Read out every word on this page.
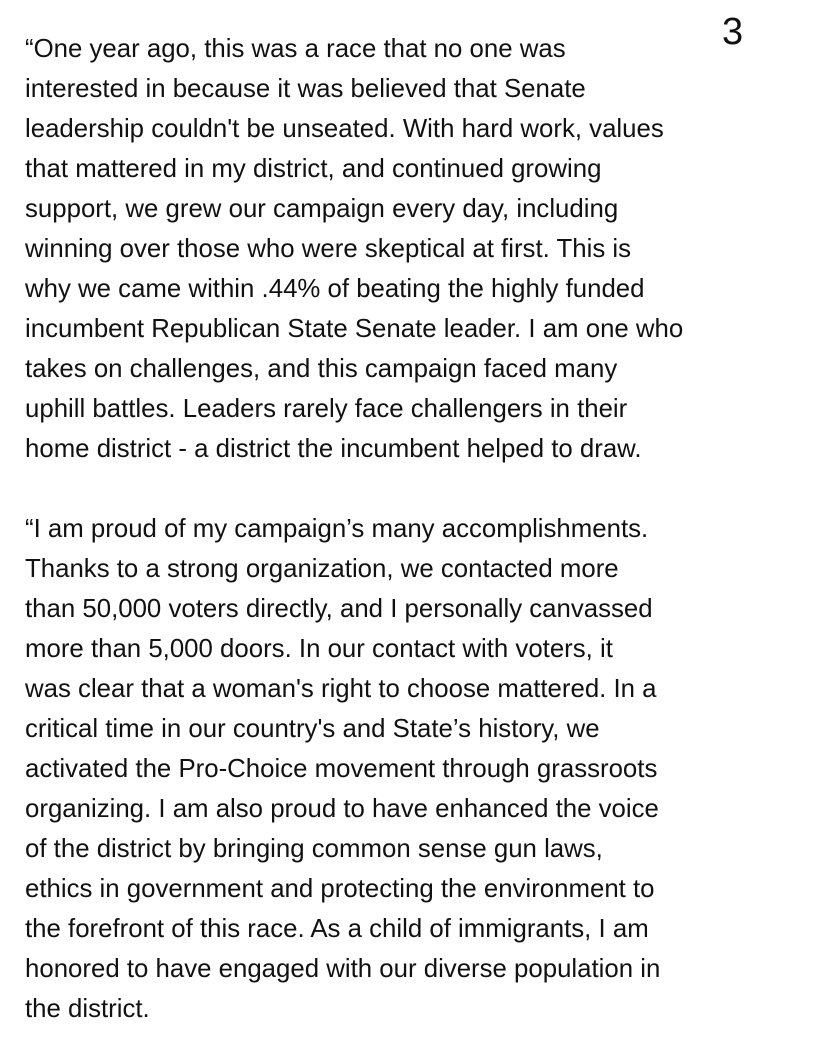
3

“One year ago, this was a race that no one was
interested in because it was believed that Senate
leadership couldn't be unseated. With hard work, values
that mattered in my district, and continued growing
support, we grew our campaign every day, including
winning over those who were skeptical at first. This is
why we came within .44% of beating the highly funded
incumbent Republican State Senate leader. I am one who
takes on challenges, and this campaign faced many
uphill battles. Leaders rarely face challengers in their
home district - a district the incumbent helped to draw.

“I am proud of my campaign’s many accomplishments.
Thanks to a strong organization, we contacted more
than 50,000 voters directly, and I personally canvassed
more than 5,000 doors. In our contact with voters, it
was clear that a woman's right to choose mattered. In a
critical time in our country's and State’s history, we
activated the Pro-Choice movement through grassroots
organizing. I am also proud to have enhanced the voice
of the district by bringing common sense gun laws,
ethics in government and protecting the environment to
the forefront of this race. As a child of immigrants, I am
honored to have engaged with our diverse population in
the district.
